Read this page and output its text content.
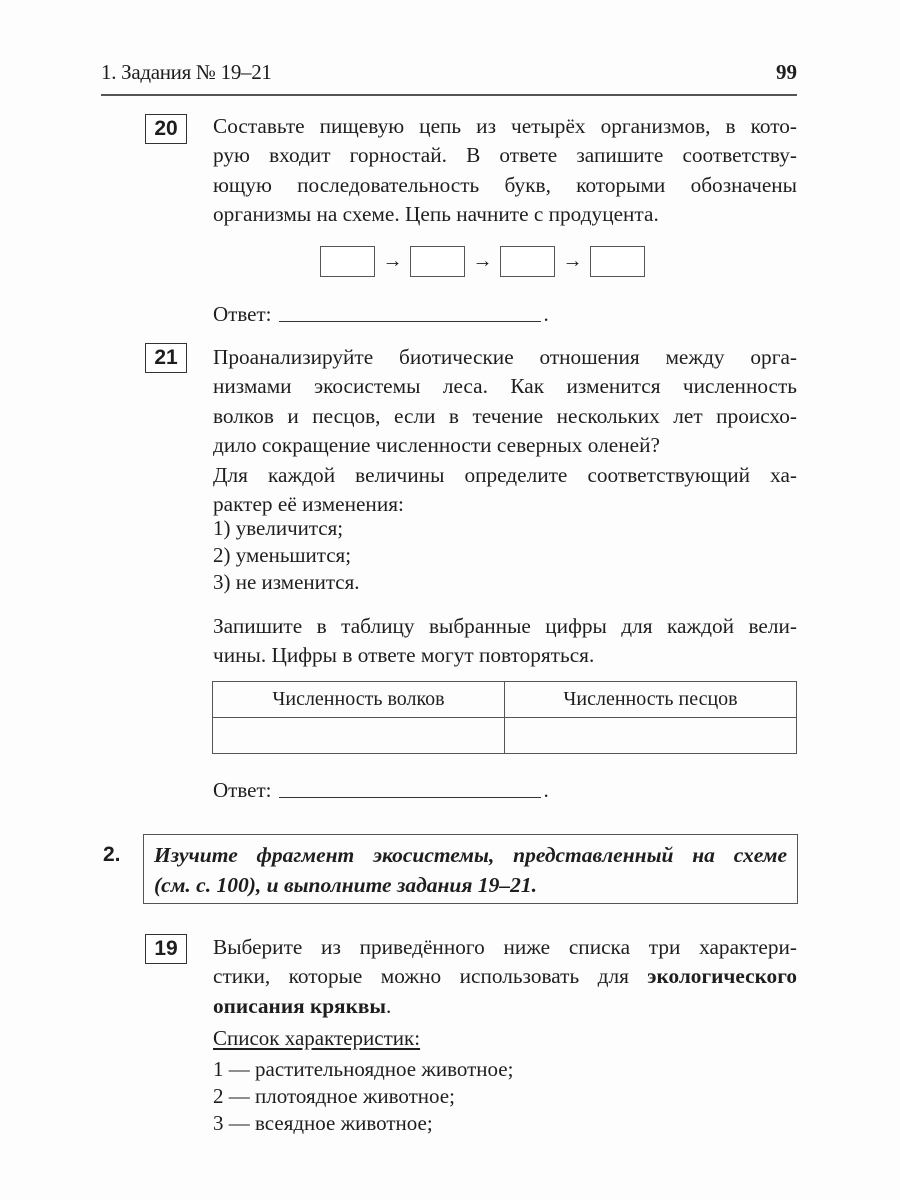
1. Задания № 19–21	99
20	Составьте пищевую цепь из четырёх организмов, в кото-
рую входит горностай. В ответе запишите соответству-
ющую последовательность букв, которыми обозначены
организмы на схеме. Цепь начните с продуцента.
→	→	→
Ответ:	.
21	Проанализируйте биотические отношения между орга-
низмами экосистемы леса. Как изменится численность
волков и песцов, если в течение нескольких лет происхо-
дило сокращение численности северных оленей?
Для каждой величины определите соответствующий ха-
рактер её изменения:
1) увеличится;
2) уменьшится;
3) не изменится.
Запишите в таблицу выбранные цифры для каждой вели-
чины. Цифры в ответе могут повторяться.
Численность волков	Численность песцов

Ответ:	.
2. Изучите фрагмент экосистемы, представленный на схеме
(см. с. 100), и выполните задания 19–21.
19	Выберите из приведённого ниже списка три характери-
стики, которые можно использовать для экологического
описания кряквы.
Список характеристик:
1 — растительноядное животное;
2 — плотоядное животное;
3 — всеядное животное;
